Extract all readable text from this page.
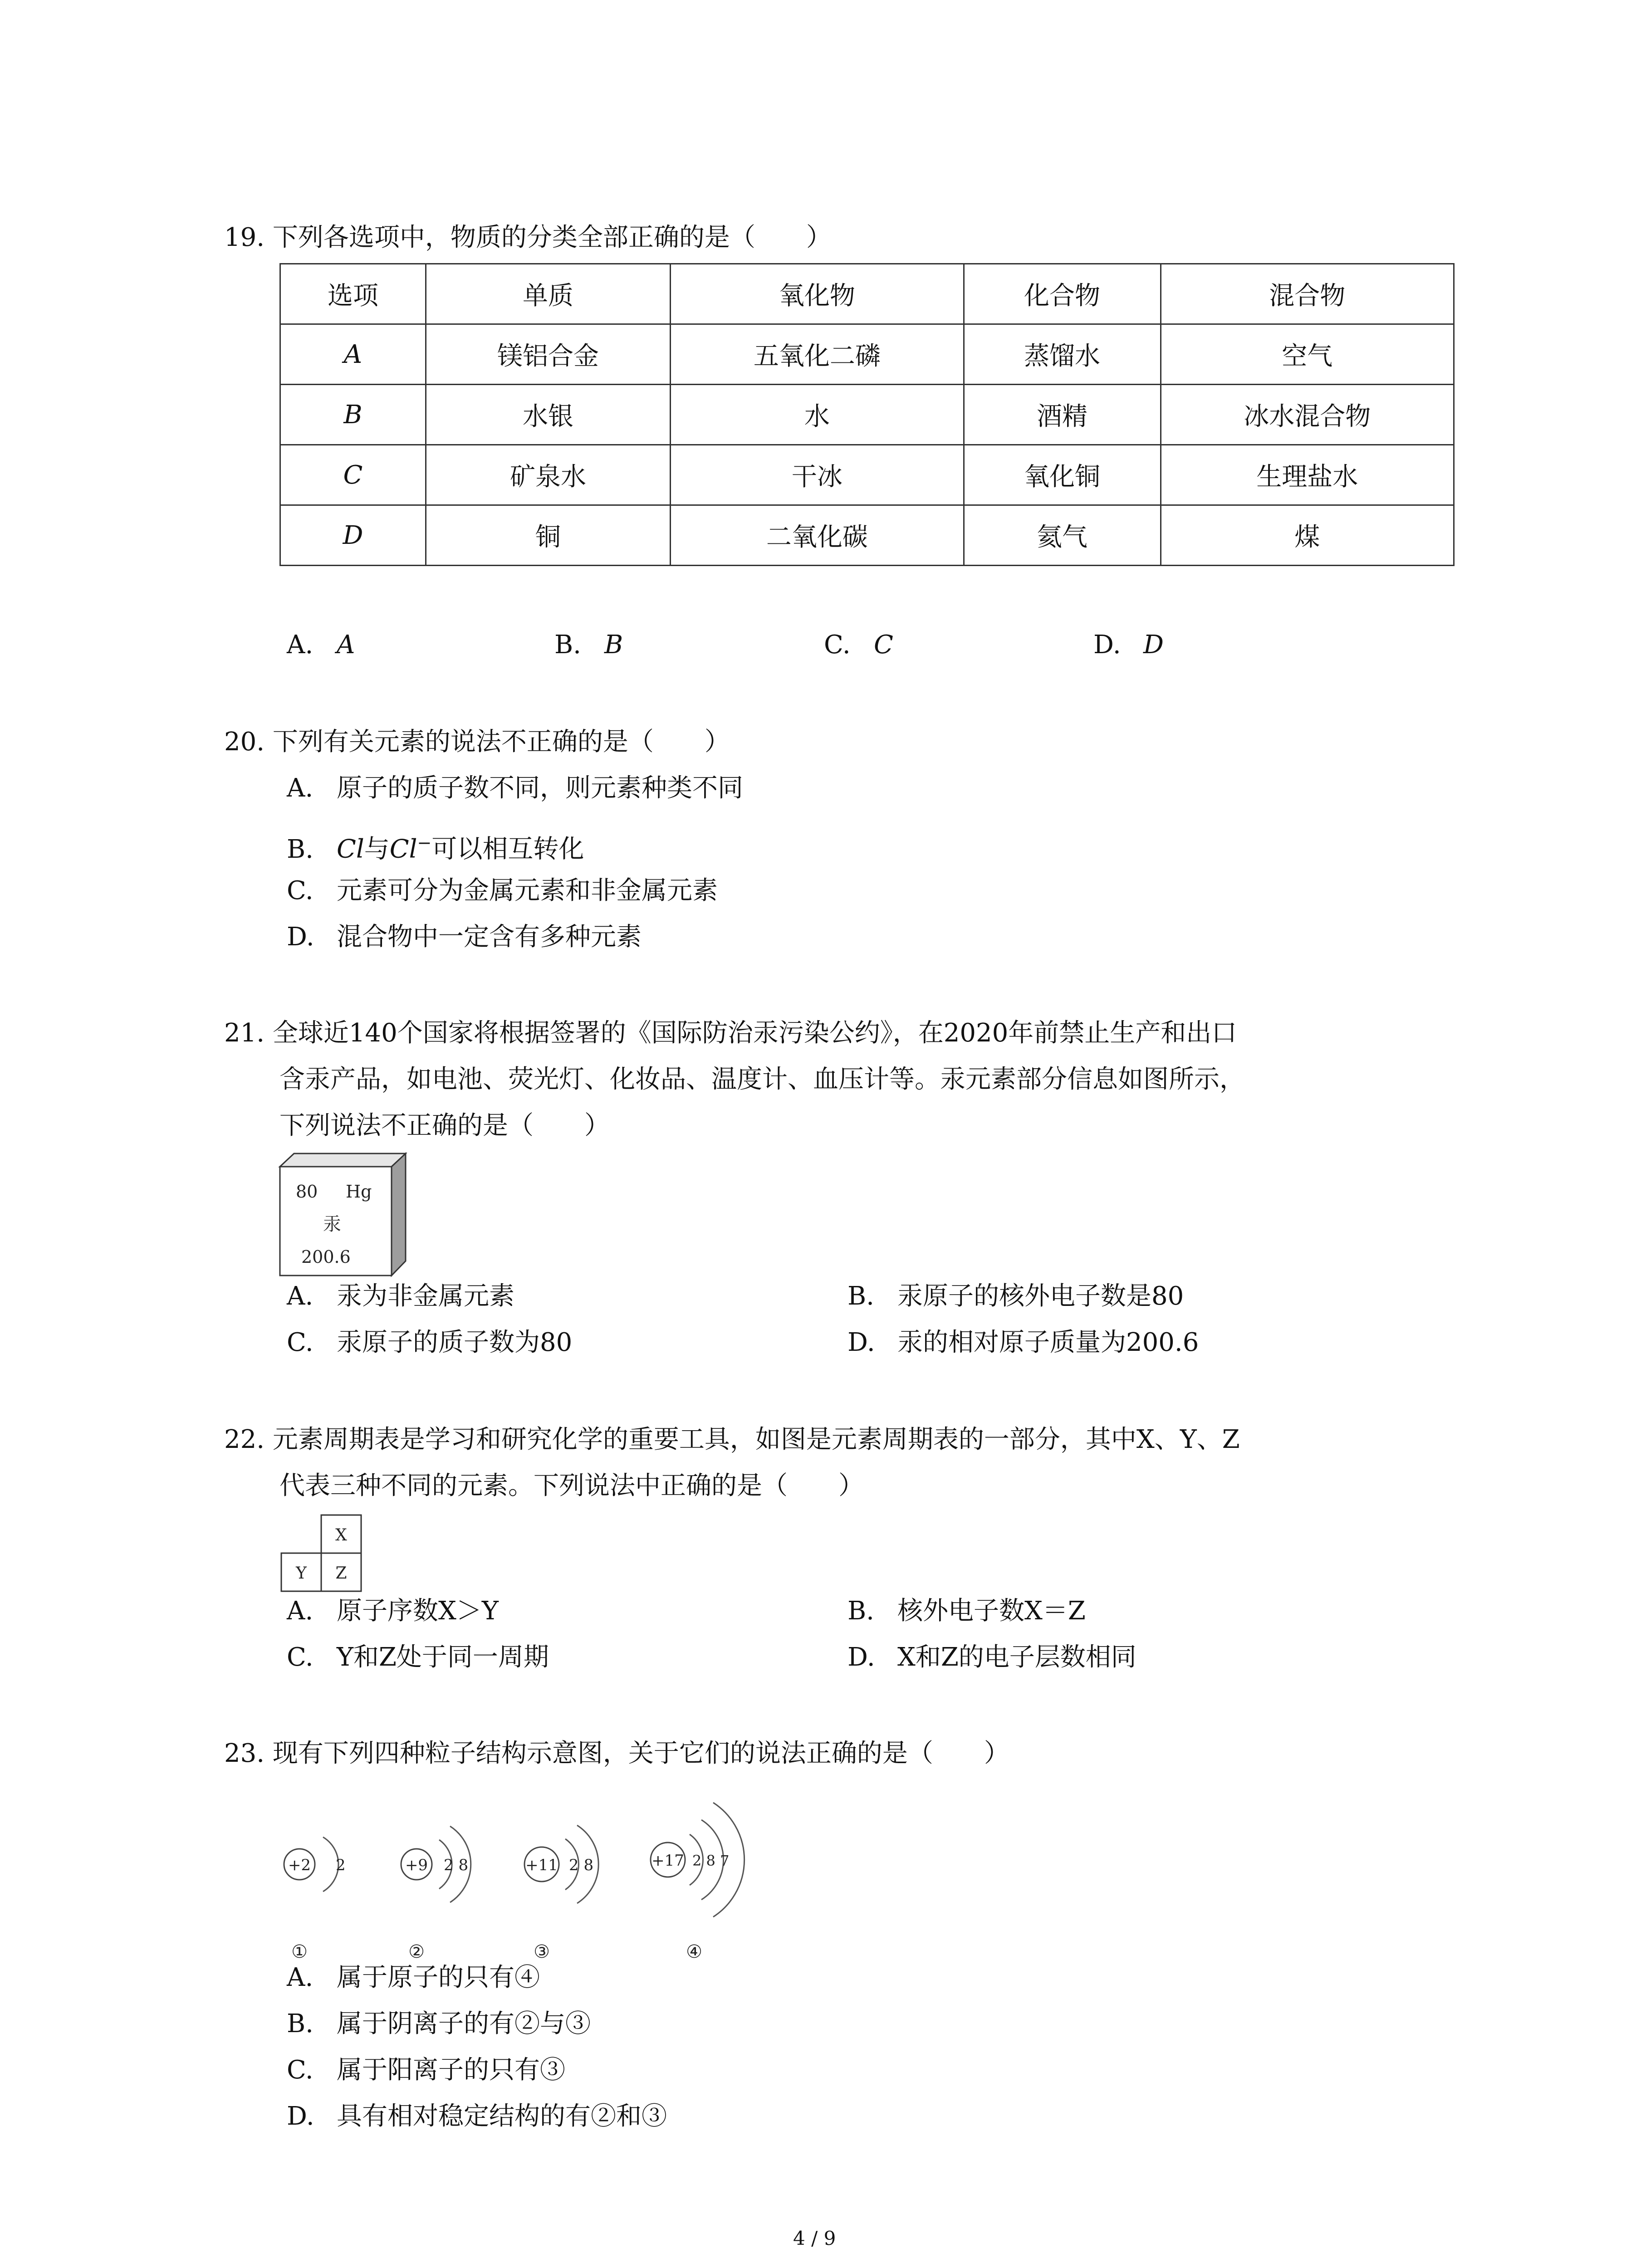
19. 下列各选项中，物质的分类全部正确的是（　　）
选项	单质	氧化物	化合物	混合物
A	镁铝合金	五氧化二磷	蒸馏水	空气
B	水银	水	酒精	冰水混合物
C	矿泉水	干冰	氧化铜	生理盐水
D	铜	二氧化碳	氦气	煤
A. A	B. B	C. C	D. D
20. 下列有关元素的说法不正确的是（　　）
A. 原子的质子数不同，则元素种类不同
B. Cl与Cl−可以相互转化
C. 元素可分为金属元素和非金属元素
D. 混合物中一定含有多种元素
21. 全球近140个国家将根据签署的《国际防治汞污染公约》，在2020年前禁止生产和出口
含汞产品，如电池、荧光灯、化妆品、温度计、血压计等。汞元素部分信息如图所示，
下列说法不正确的是（　　）
80 Hg
汞
200.6
A. 汞为非金属元素	B. 汞原子的核外电子数是80
C. 汞原子的质子数为80	D. 汞的相对原子质量为200.6
22. 元素周期表是学习和研究化学的重要工具，如图是元素周期表的一部分，其中X、Y、Z
代表三种不同的元素。下列说法中正确的是（　　）
X
Y Z
A. 原子序数X＞Y	B. 核外电子数X＝Z
C. Y和Z处于同一周期	D. X和Z的电子层数相同
23. 现有下列四种粒子结构示意图，关于它们的说法正确的是（　　）
+2 2
①
+9 2 8
②
+11 2 8
③
+17 2 8 7
④
A. 属于原子的只有④
B. 属于阴离子的有②与③
C. 属于阳离子的只有③
D. 具有相对稳定结构的有②和③
4 / 9
